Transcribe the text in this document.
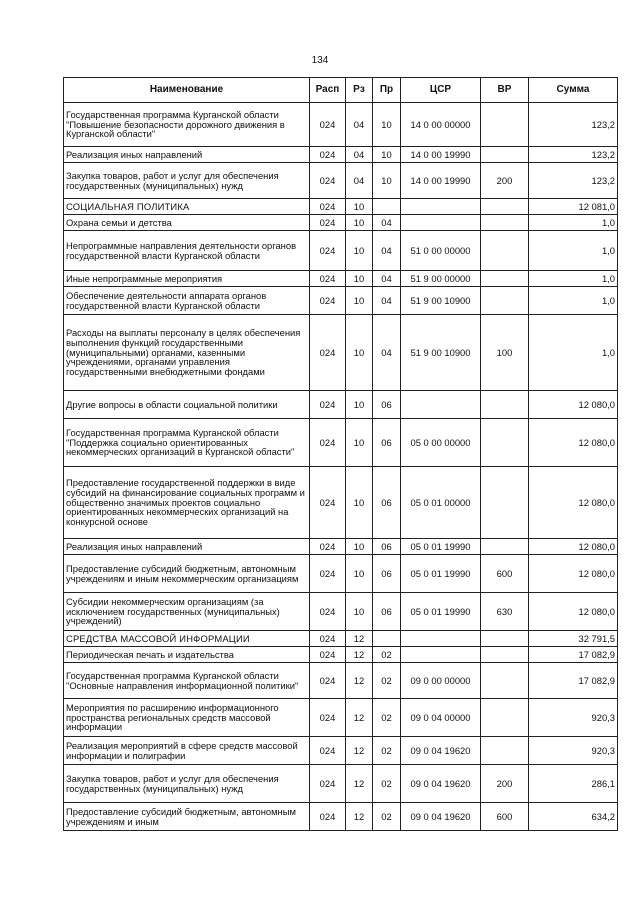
134
Наименование	Расп	Рз	Пр	ЦСР	ВР	Сумма
Государственная программа Курганской области "Повышение безопасности дорожного движения в Курганской области"	024	04	10	14 0 00 00000		123,2
Реализация иных направлений	024	04	10	14 0 00 19990		123,2
Закупка товаров, работ и услуг для обеспечения государственных (муниципальных) нужд	024	04	10	14 0 00 19990	200	123,2
СОЦИАЛЬНАЯ ПОЛИТИКА	024	10				12 081,0
Охрана семьи и детства	024	10	04			1,0
Непрограммные направления деятельности органов государственной власти Курганской области	024	10	04	51 0 00 00000		1,0
Иные непрограммные мероприятия	024	10	04	51 9 00 00000		1,0
Обеспечение деятельности аппарата органов государственной власти Курганской области	024	10	04	51 9 00 10900		1,0
Расходы на выплаты персоналу в целях обеспечения выполнения функций государственными (муниципальными) органами, казенными учреждениями, органами управления государственными внебюджетными фондами	024	10	04	51 9 00 10900	100	1,0
Другие вопросы в области социальной политики	024	10	06			12 080,0
Государственная программа Курганской области "Поддержка социально ориентированных некоммерческих организаций в Курганской области"	024	10	06	05 0 00 00000		12 080,0
Предоставление государственной поддержки в виде субсидий на финансирование социальных программ и общественно значимых проектов социально ориентированных некоммерческих организаций на конкурсной основе	024	10	06	05 0 01 00000		12 080,0
Реализация иных направлений	024	10	06	05 0 01 19990		12 080,0
Предоставление субсидий бюджетным, автономным учреждениям и иным некоммерческим организациям	024	10	06	05 0 01 19990	600	12 080,0
Субсидии некоммерческим организациям (за исключением государственных (муниципальных) учреждений)	024	10	06	05 0 01 19990	630	12 080,0
СРЕДСТВА МАССОВОЙ ИНФОРМАЦИИ	024	12				32 791,5
Периодическая печать и издательства	024	12	02			17 082,9
Государственная программа Курганской области "Основные направления информационной политики"	024	12	02	09 0 00 00000		17 082,9
Мероприятия по расширению информационного пространства региональных средств массовой информации	024	12	02	09 0 04 00000		920,3
Реализация мероприятий в сфере средств массовой информации и полиграфии	024	12	02	09 0 04 19620		920,3
Закупка товаров, работ и услуг для обеспечения государственных (муниципальных) нужд	024	12	02	09 0 04 19620	200	286,1
Предоставление субсидий бюджетным, автономным учреждениям и иным	024	12	02	09 0 04 19620	600	634,2
